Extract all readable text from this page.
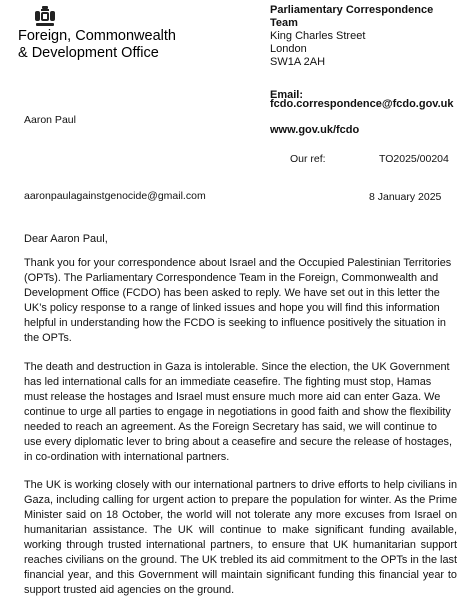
Foreign, Commonwealth
& Development Office
Parliamentary Correspondence
Team
King Charles Street
London
SW1A 2AH
Email:
fcdo.correspondence@fcdo.gov.uk
www.gov.uk/fcdo
Aaron Paul
Our ref:	TO2025/00204
aaronpaulagainstgenocide@gmail.com	8 January 2025
Dear Aaron Paul,

Thank you for your correspondence about Israel and the Occupied Palestinian Territories (OPTs). The Parliamentary Correspondence Team in the Foreign, Commonwealth and Development Office (FCDO) has been asked to reply. We have set out in this letter the UK’s policy response to a range of linked issues and hope you will find this information helpful in understanding how the FCDO is seeking to influence positively the situation in the OPTs.

The death and destruction in Gaza is intolerable. Since the election, the UK Government has led international calls for an immediate ceasefire. The fighting must stop, Hamas must release the hostages and Israel must ensure much more aid can enter Gaza. We continue to urge all parties to engage in negotiations in good faith and show the flexibility needed to reach an agreement. As the Foreign Secretary has said, we will continue to use every diplomatic lever to bring about a ceasefire and secure the release of hostages, in co-ordination with international partners.

The UK is working closely with our international partners to drive efforts to help civilians in Gaza, including calling for urgent action to prepare the population for winter. As the Prime Minister said on 18 October, the world will not tolerate any more excuses from Israel on humanitarian assistance. The UK will continue to make significant funding available, working through trusted international partners, to ensure that UK humanitarian support reaches civilians on the ground. The UK trebled its aid commitment to the OPTs in the last financial year, and this Government will maintain significant funding this financial year to support trusted aid agencies on the ground.
